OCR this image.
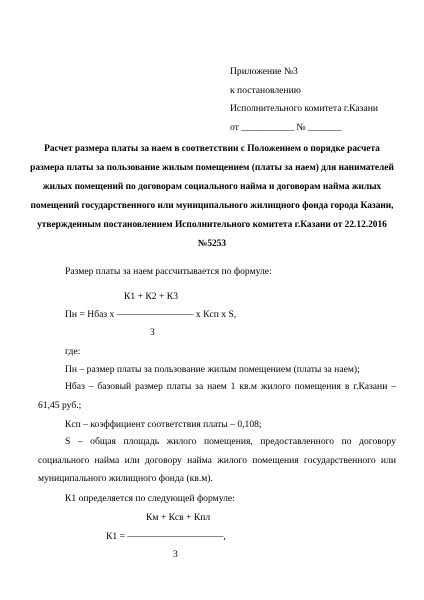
Приложение №3
к постановлению
Исполнительного комитета г.Казани
от ___________ № _______
Расчет размера платы за наем в соответствии с Положением о порядке расчета размера платы за пользование жилым помещением (платы за наем) для нанимателей жилых помещений по договорам социального найма и договорам найма жилых помещений государственного или муниципального жилищного фонда города Казани, утвержденным постановлением Исполнительного комитета г.Казани от 22.12.2016 №5253
Размер платы за наем рассчитывается по формуле:
К1 + К2 + К3
Пн = Нбаз х ———————— х Кcп х S,
3
где:
Пн – размер платы за пользование жилым помещением (платы за наем);
Нбаз – базовый размер платы за наем 1 кв.м жилого помещения в г.Казани – 61,45 руб.;
Кcп – коэффициент соответствия платы – 0,108;
S – общая площадь жилого помещения, предоставленного по договору социального найма или договору найма жилого помещения государственного или муниципального жилищного фонда (кв.м).
К1 определяется по следующей формуле:
Км + Ксв + Кпл
К1 = ——————————,
3
